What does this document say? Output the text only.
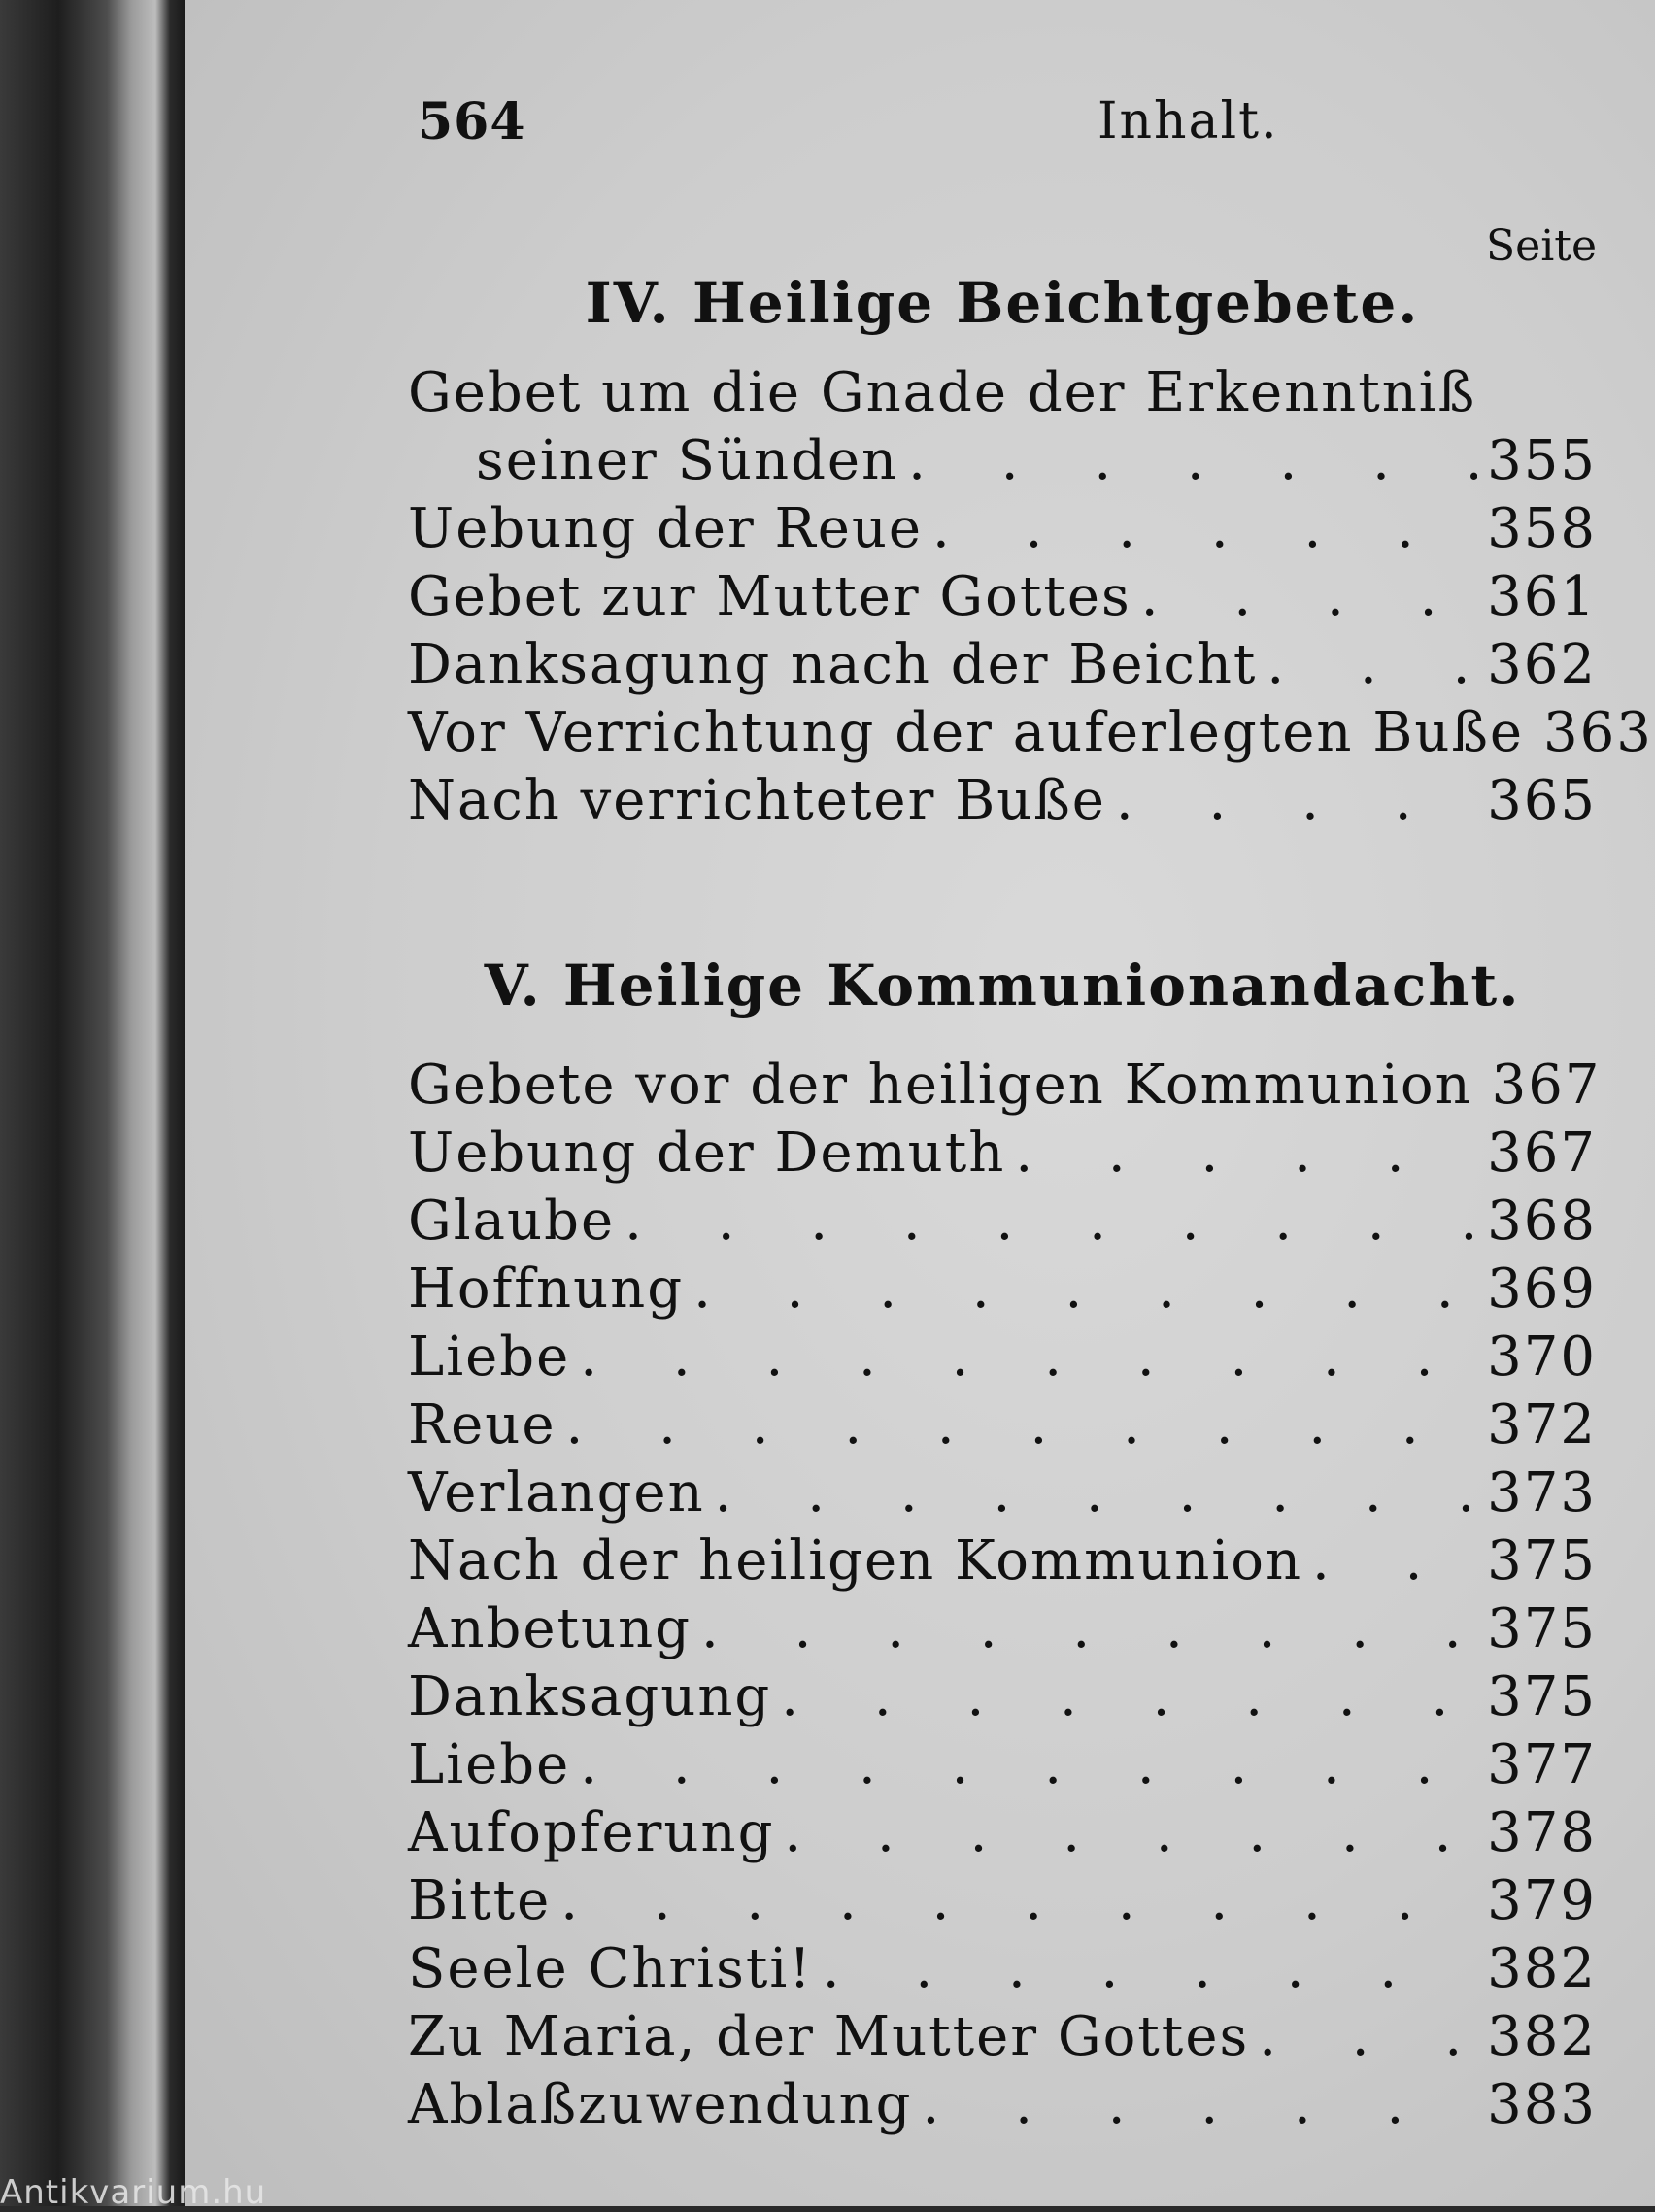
564	Inhalt.
Seite
IV. Heilige Beichtgebete.
Gebet um die Gnade der Erkenntniß
seiner Sünden . . .	355
Uebung der Reue . . .	358
Gebet zur Mutter Gottes . . .	361
Danksagung nach der Beicht . . .	362
Vor Verrichtung der auferlegten Buße 363
Nach verrichteter Buße . . .	365
V. Heilige Kommunionandacht.
Gebete vor der heiligen Kommunion 367
Uebung der Demuth . . .	367
Glaube . . .	368
Hoffnung . . .	369
Liebe . . .	370
Reue . . .	372
Verlangen . . .	373
Nach der heiligen Kommunion . . .	375
Anbetung . . .	375
Danksagung . . .	375
Liebe . . .	377
Aufopferung . . .	378
Bitte . . .	379
Seele Christi! . . .	382
Zu Maria, der Mutter Gottes . . .	382
Ablaßzuwendung . . .	383
Antikvarium.hu
